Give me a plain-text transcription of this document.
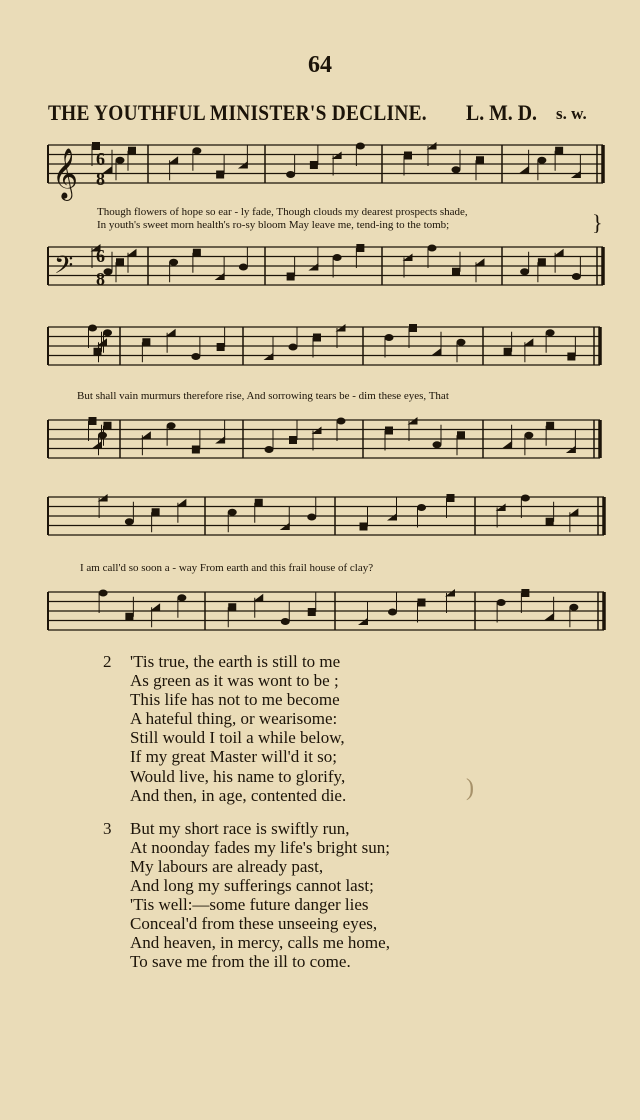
64
THE YOUTHFUL MINISTER'S DECLINE. L. M. D. s. w.
𝄞
𝄢
6
8
6
8
}
Though flowers of hope so ear - ly fade, Though clouds my dearest prospects shade,
In youth's sweet morn health's ro-sy bloom May leave me, tend-ing to the tomb;
But shall vain murmurs therefore rise, And sorrowing tears be - dim these eyes, That
I am call'd so soon a - way From earth and this frail house of clay?
2 'Tis true, the earth is still to me
As green as it was wont to be ;
This life has not to me become
A hateful thing, or wearisome:
Still would I toil a while below,
If my great Master will'd it so;
Would live, his name to glorify,
And then, in age, contented die.
3 But my short race is swiftly run,
At noonday fades my life's bright sun;
My labours are already past,
And long my sufferings cannot last;
'Tis well:—some future danger lies
Conceal'd from these unseeing eyes,
And heaven, in mercy, calls me home,
To save me from the ill to come.
)
